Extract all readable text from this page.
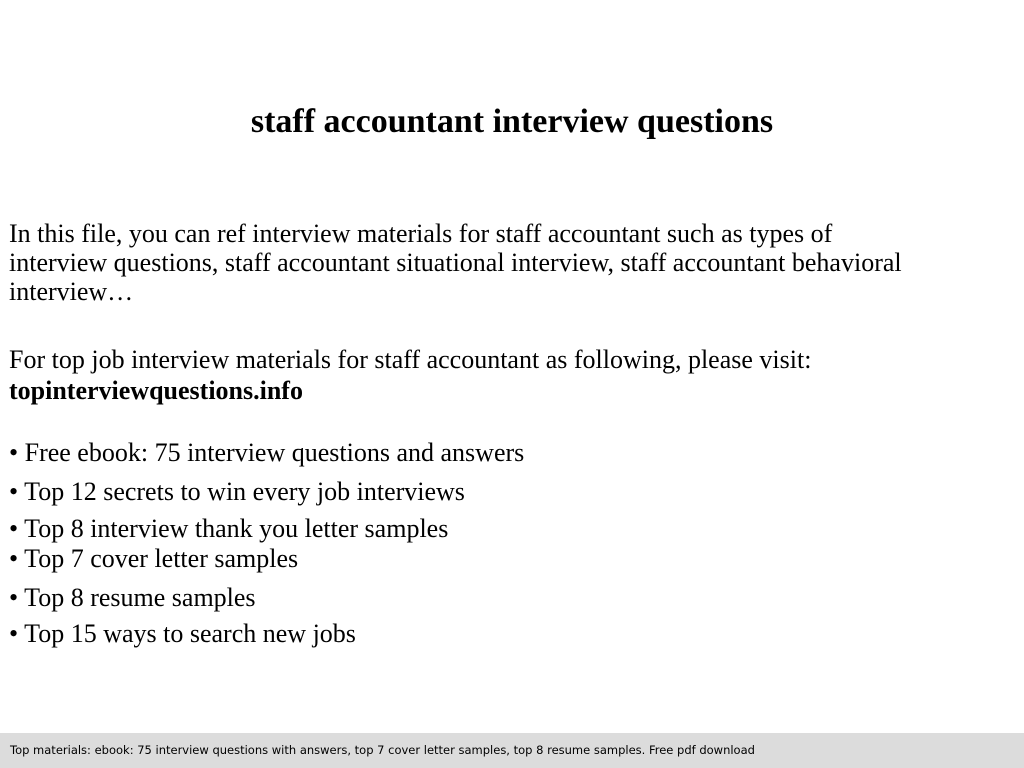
staff accountant interview questions
In this file, you can ref interview materials for staff accountant such as types of
interview questions, staff accountant situational interview, staff accountant behavioral
interview…
For top job interview materials for staff accountant as following, please visit:
topinterviewquestions.info
• Free ebook: 75 interview questions and answers
• Top 12 secrets to win every job interviews
• Top 8 interview thank you letter samples
• Top 7 cover letter samples
• Top 8 resume samples
• Top 15 ways to search new jobs
Top materials: ebook: 75 interview questions with answers, top 7 cover letter samples, top 8 resume samples. Free pdf download
